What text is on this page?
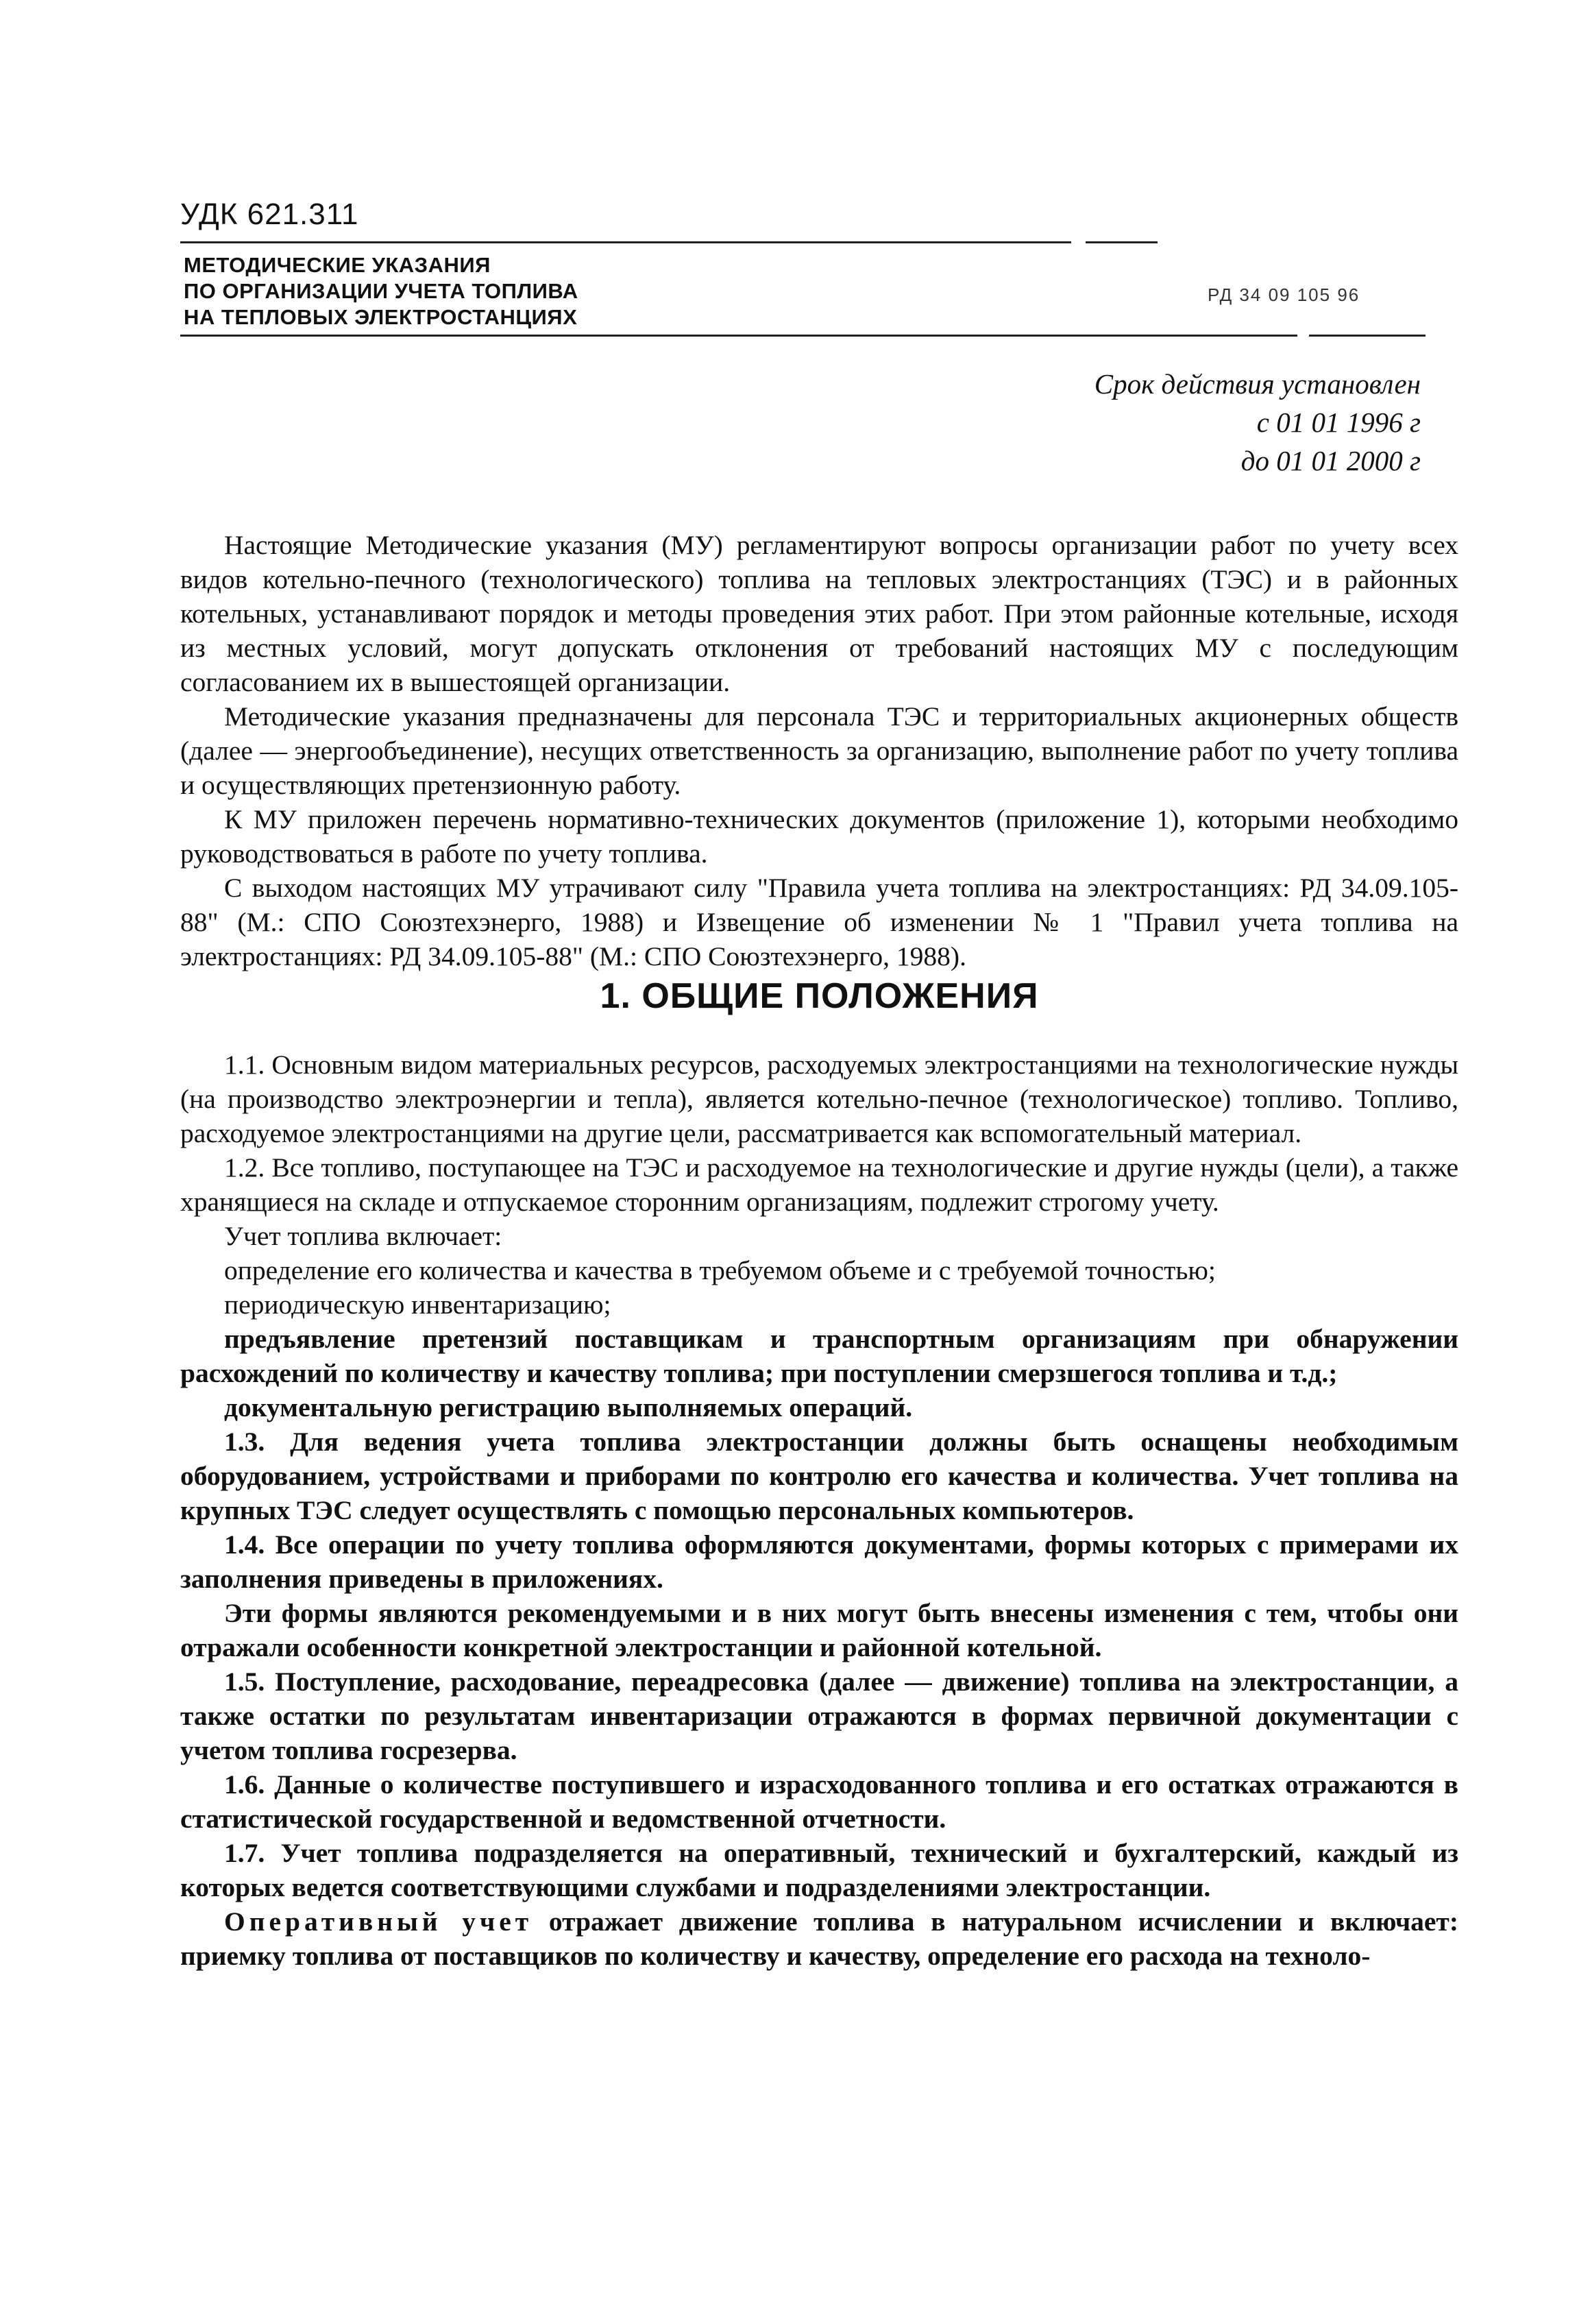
УДК 621.311
МЕТОДИЧЕСКИЕ УКАЗАНИЯ
ПО ОРГАНИЗАЦИИ УЧЕТА ТОПЛИВА
НА ТЕПЛОВЫХ ЭЛЕКТРОСТАНЦИЯХ
РД 34 09 105 96
Срок действия установлен
с 01 01 1996 г
до 01 01 2000 г

Настоящие Методические указания (МУ) регламентируют вопросы организации работ по учету всех видов котельно-печного (технологического) топлива на тепловых электростанциях (ТЭС) и в районных котельных, устанавливают порядок и методы проведения этих работ. При этом районные котельные, исходя из местных условий, могут допускать отклонения от требований настоящих МУ с последующим согласованием их в вышестоящей организации.

Методические указания предназначены для персонала ТЭС и территориальных акционерных обществ (далее — энергообъединение), несущих ответственность за организацию, выполнение работ по учету топлива и осуществляющих претензионную работу.

К МУ приложен перечень нормативно-технических документов (приложение 1), которыми необходимо руководствоваться в работе по учету топлива.

С выходом настоящих МУ утрачивают силу "Правила учета топлива на электростанциях: РД 34.09.105-88" (М.: СПО Союзтехэнерго, 1988) и Извещение об изменении № 1 "Правил учета топлива на электростанциях: РД 34.09.105-88" (М.: СПО Союзтехэнерго, 1988).

1. ОБЩИЕ ПОЛОЖЕНИЯ

1.1. Основным видом материальных ресурсов, расходуемых электростанциями на технологические нужды (на производство электроэнергии и тепла), является котельно-печное (технологическое) топливо. Топливо, расходуемое электростанциями на другие цели, рассматривается как вспомогательный материал.

1.2. Все топливо, поступающее на ТЭС и расходуемое на технологические и другие нужды (цели), а также хранящиеся на складе и отпускаемое сторонним организациям, подлежит строгому учету.

Учет топлива включает:

определение его количества и качества в требуемом объеме и с требуемой точностью;

периодическую инвентаризацию;

предъявление претензий поставщикам и транспортным организациям при обнаружении расхождений по количеству и качеству топлива; при поступлении смерзшегося топлива и т.д.;

документальную регистрацию выполняемых операций.

1.3. Для ведения учета топлива электростанции должны быть оснащены необходимым оборудованием, устройствами и приборами по контролю его качества и количества. Учет топлива на крупных ТЭС следует осуществлять с помощью персональных компьютеров.

1.4. Все операции по учету топлива оформляются документами, формы которых с примерами их заполнения приведены в приложениях.

Эти формы являются рекомендуемыми и в них могут быть внесены изменения с тем, чтобы они отражали особенности конкретной электростанции и районной котельной.

1.5. Поступление, расходование, переадресовка (далее — движение) топлива на электростанции, а также остатки по результатам инвентаризации отражаются в формах первичной документации с учетом топлива госрезерва.

1.6. Данные о количестве поступившего и израсходованного топлива и его остатках отражаются в статистической государственной и ведомственной отчетности.

1.7. Учет топлива подразделяется на оперативный, технический и бухгалтерский, каждый из которых ведется соответствующими службами и подразделениями электростанции.

Оперативный учет отражает движение топлива в натуральном исчислении и включает: приемку топлива от поставщиков по количеству и качеству, определение его расхода на техноло-
